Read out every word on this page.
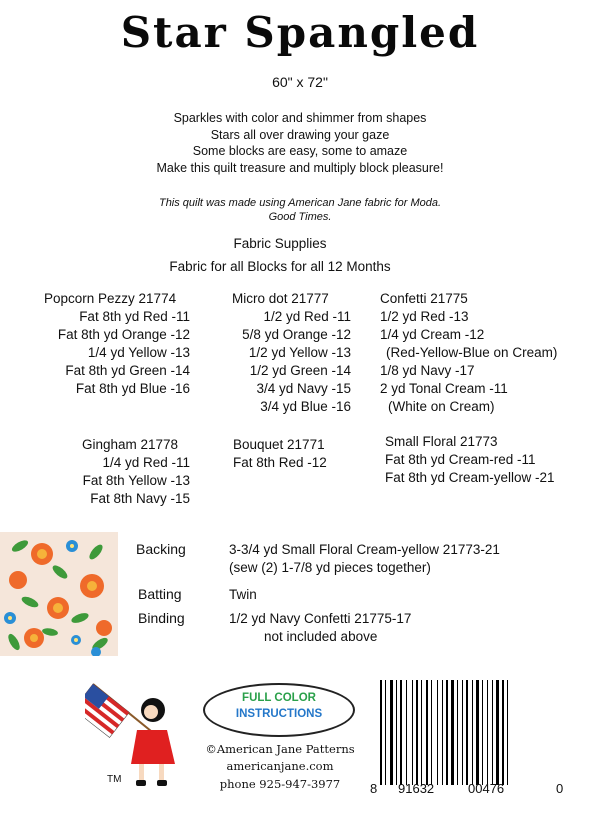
Star Spangled
60" x 72"
Sparkles with color and shimmer from shapes
Stars all over drawing your gaze
Some blocks are easy, some to amaze
Make this quilt treasure and multiply block pleasure!
This quilt was made using American Jane fabric for Moda.
Good Times.
Fabric Supplies
Fabric for all Blocks for all 12 Months
Popcorn Pezzy 21774
Fat 8th yd Red -11
Fat 8th yd Orange -12
1/4 yd Yellow -13
Fat 8th yd Green -14
Fat 8th yd Blue -16
Micro dot 21777
1/2 yd Red -11
5/8 yd Orange -12
1/2 yd Yellow -13
1/2 yd Green -14
3/4 yd Navy -15
3/4 yd Blue -16
Confetti 21775
1/2 yd Red -13
1/4 yd Cream -12
(Red-Yellow-Blue on Cream)
1/8 yd Navy -17
2 yd Tonal Cream -11
(White on Cream)
Gingham 21778
1/4 yd Red -11
Fat 8th Yellow -13
Fat 8th Navy -15
Bouquet 21771
Fat 8th Red -12
Small Floral 21773
Fat 8th yd Cream-red -11
Fat 8th yd Cream-yellow -21
Backing	3-3/4 yd Small Floral Cream-yellow 21773-21
(sew (2) 1-7/8 yd pieces together)
Batting	Twin
Binding	1/2 yd Navy Confetti 21775-17
not included above
TM
FULL COLOR
INSTRUCTIONS
©American Jane Patterns
americanjane.com
phone 925-947-3977	8 91632	00476	0
